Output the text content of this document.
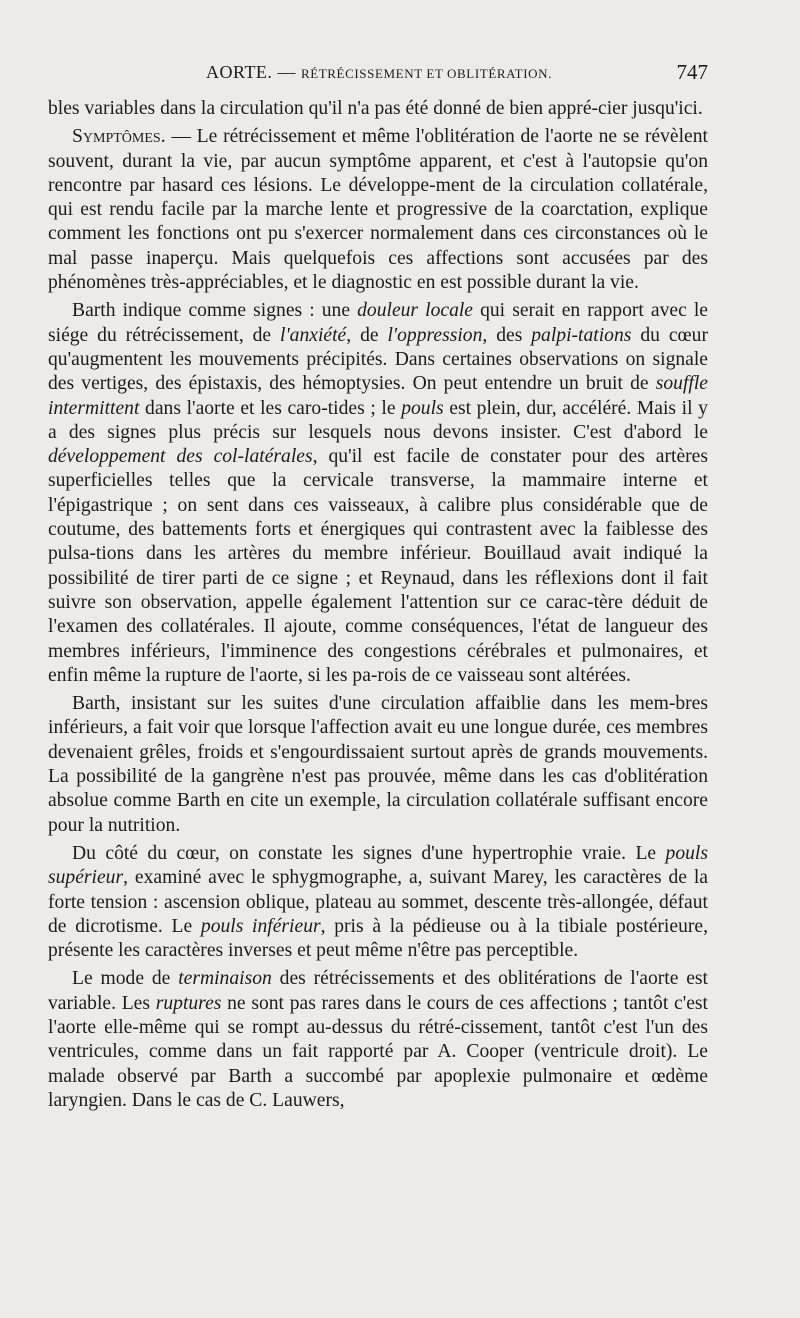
AORTE. — RÉTRÉCISSEMENT ET OBLITÉRATION.	747

bles variables dans la circulation qu'il n'a pas été donné de bien appré-cier jusqu'ici.

Symptômes. — Le rétrécissement et même l'oblitération de l'aorte ne se révèlent souvent, durant la vie, par aucun symptôme apparent, et c'est à l'autopsie qu'on rencontre par hasard ces lésions. Le développe-ment de la circulation collatérale, qui est rendu facile par la marche lente et progressive de la coarctation, explique comment les fonctions ont pu s'exercer normalement dans ces circonstances où le mal passe inaperçu. Mais quelquefois ces affections sont accusées par des phénomènes très-appréciables, et le diagnostic en est possible durant la vie.

Barth indique comme signes : une douleur locale qui serait en rapport avec le siége du rétrécissement, de l'anxiété, de l'oppression, des palpi-tations du cœur qu'augmentent les mouvements précipités. Dans certaines observations on signale des vertiges, des épistaxis, des hémoptysies. On peut entendre un bruit de souffle intermittent dans l'aorte et les caro-tides ; le pouls est plein, dur, accéléré. Mais il y a des signes plus précis sur lesquels nous devons insister. C'est d'abord le développement des col-latérales, qu'il est facile de constater pour des artères superficielles telles que la cervicale transverse, la mammaire interne et l'épigastrique ; on sent dans ces vaisseaux, à calibre plus considérable que de coutume, des battements forts et énergiques qui contrastent avec la faiblesse des pulsa-tions dans les artères du membre inférieur. Bouillaud avait indiqué la possibilité de tirer parti de ce signe ; et Reynaud, dans les réflexions dont il fait suivre son observation, appelle également l'attention sur ce carac-tère déduit de l'examen des collatérales. Il ajoute, comme conséquences, l'état de langueur des membres inférieurs, l'imminence des congestions cérébrales et pulmonaires, et enfin même la rupture de l'aorte, si les pa-rois de ce vaisseau sont altérées.

Barth, insistant sur les suites d'une circulation affaiblie dans les mem-bres inférieurs, a fait voir que lorsque l'affection avait eu une longue durée, ces membres devenaient grêles, froids et s'engourdissaient surtout après de grands mouvements. La possibilité de la gangrène n'est pas prouvée, même dans les cas d'oblitération absolue comme Barth en cite un exemple, la circulation collatérale suffisant encore pour la nutrition.

Du côté du cœur, on constate les signes d'une hypertrophie vraie. Le pouls supérieur, examiné avec le sphygmographe, a, suivant Marey, les caractères de la forte tension : ascension oblique, plateau au sommet, descente très-allongée, défaut de dicrotisme. Le pouls inférieur, pris à la pédieuse ou à la tibiale postérieure, présente les caractères inverses et peut même n'être pas perceptible.

Le mode de terminaison des rétrécissements et des oblitérations de l'aorte est variable. Les ruptures ne sont pas rares dans le cours de ces affections ; tantôt c'est l'aorte elle-même qui se rompt au-dessus du rétré-cissement, tantôt c'est l'un des ventricules, comme dans un fait rapporté par A. Cooper (ventricule droit). Le malade observé par Barth a succombé par apoplexie pulmonaire et œdème laryngien. Dans le cas de C. Lauwers,
